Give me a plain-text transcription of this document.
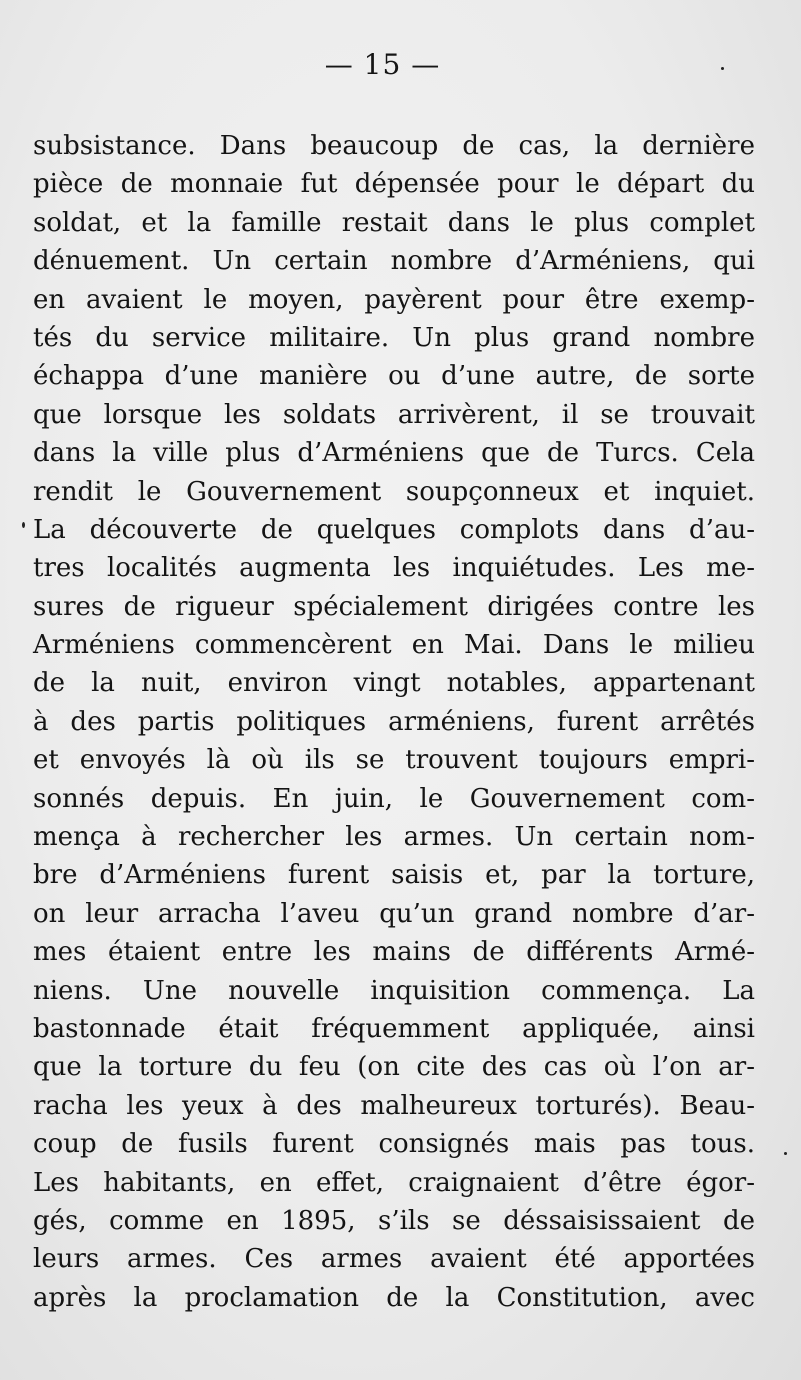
— 15 —
subsistance. Dans beaucoup de cas, la dernière
pièce de monnaie fut dépensée pour le départ du
soldat, et la famille restait dans le plus complet
dénuement. Un certain nombre d’Arméniens, qui
en avaient le moyen, payèrent pour être exemp-
tés du service militaire. Un plus grand nombre
échappa d’une manière ou d’une autre, de sorte
que lorsque les soldats arrivèrent, il se trouvait
dans la ville plus d’Arméniens que de Turcs. Cela
rendit le Gouvernement soupçonneux et inquiet.
La découverte de quelques complots dans d’au-
tres localités augmenta les inquiétudes. Les me-
sures de rigueur spécialement dirigées contre les
Arméniens commencèrent en Mai. Dans le milieu
de la nuit, environ vingt notables, appartenant
à des partis politiques arméniens, furent arrêtés
et envoyés là où ils se trouvent toujours empri-
sonnés depuis. En juin, le Gouvernement com-
mença à rechercher les armes. Un certain nom-
bre d’Arméniens furent saisis et, par la torture,
on leur arracha l’aveu qu’un grand nombre d’ar-
mes étaient entre les mains de différents Armé-
niens. Une nouvelle inquisition commença. La
bastonnade était fréquemment appliquée, ainsi
que la torture du feu (on cite des cas où l’on ar-
racha les yeux à des malheureux torturés). Beau-
coup de fusils furent consignés mais pas tous.
Les habitants, en effet, craignaient d’être égor-
gés, comme en 1895, s’ils se déssaisissaient de
leurs armes. Ces armes avaient été apportées
après la proclamation de la Constitution, avec
